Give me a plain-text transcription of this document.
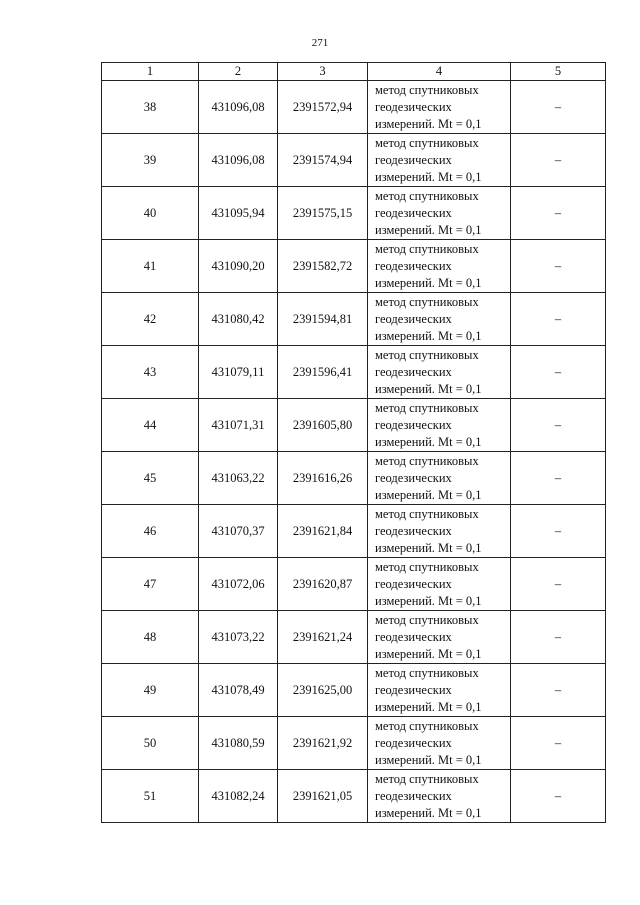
271
1	2	3	4	5
38	431096,08	2391572,94	метод спутниковых
геодезических
измерений. Mt = 0,1	–
39	431096,08	2391574,94	метод спутниковых
геодезических
измерений. Mt = 0,1	–
40	431095,94	2391575,15	метод спутниковых
геодезических
измерений. Mt = 0,1	–
41	431090,20	2391582,72	метод спутниковых
геодезических
измерений. Mt = 0,1	–
42	431080,42	2391594,81	метод спутниковых
геодезических
измерений. Mt = 0,1	–
43	431079,11	2391596,41	метод спутниковых
геодезических
измерений. Mt = 0,1	–
44	431071,31	2391605,80	метод спутниковых
геодезических
измерений. Mt = 0,1	–
45	431063,22	2391616,26	метод спутниковых
геодезических
измерений. Mt = 0,1	–
46	431070,37	2391621,84	метод спутниковых
геодезических
измерений. Mt = 0,1	–
47	431072,06	2391620,87	метод спутниковых
геодезических
измерений. Mt = 0,1	–
48	431073,22	2391621,24	метод спутниковых
геодезических
измерений. Mt = 0,1	–
49	431078,49	2391625,00	метод спутниковых
геодезических
измерений. Mt = 0,1	–
50	431080,59	2391621,92	метод спутниковых
геодезических
измерений. Mt = 0,1	–
51	431082,24	2391621,05	метод спутниковых
геодезических
измерений. Mt = 0,1	–
